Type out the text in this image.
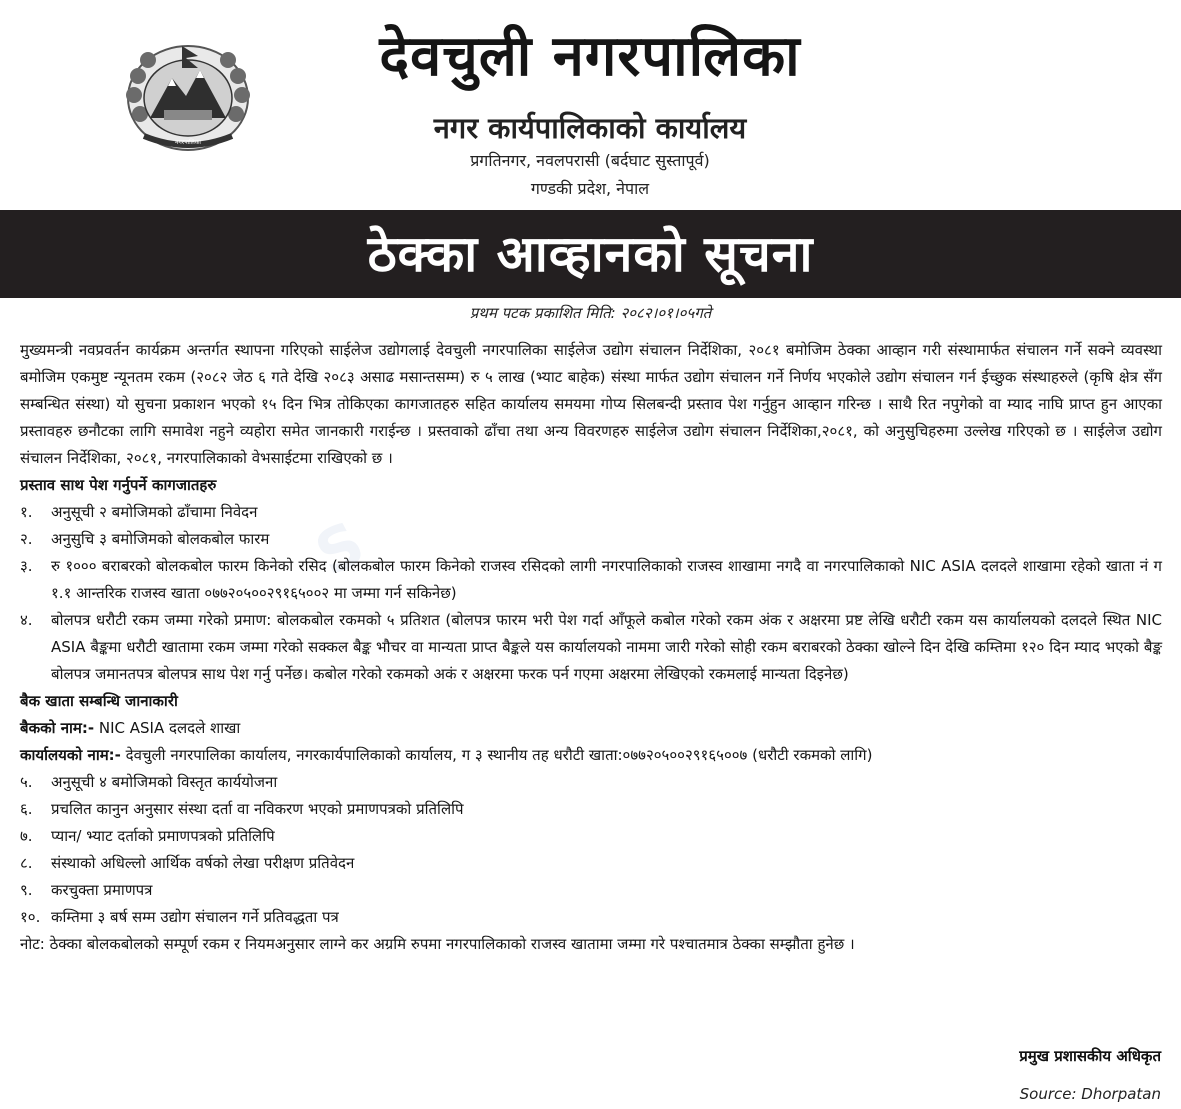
S
नगरपालिका
देवचुली नगरपालिका
नगर कार्यपालिकाको कार्यालय
प्रगतिनगर, नवलपरासी (बर्दघाट सुस्तापूर्व)
गण्डकी प्रदेश, नेपाल
ठेक्का आव्हानको सूचना
प्रथम पटक प्रकाशित मिति: २०८२।०१।०५गते

मुख्यमन्त्री नवप्रवर्तन कार्यक्रम अन्तर्गत स्थापना गरिएको साईलेज उद्योगलाई देवचुली नगरपालिका साईलेज उद्योग संचालन निर्देशिका, २०८१ बमोजिम ठेक्का आव्हान गरी संस्थामार्फत संचालन गर्ने सक्ने व्यवस्था बमोजिम एकमुष्ट न्यूनतम रकम (२०८२ जेठ ६ गते देखि २०८३ असाढ मसान्तसम्म) रु ५ लाख (भ्याट बाहेक) संस्था मार्फत उद्योग संचालन गर्ने निर्णय भएकोले उद्योग संचालन गर्न ईच्छुक संस्थाहरुले (कृषि क्षेत्र सँग सम्बन्धित संस्था) यो सुचना प्रकाशन भएको १५ दिन भित्र तोकिएका कागजातहरु सहित कार्यालय समयमा गोप्य सिलबन्दी प्रस्ताव पेश गर्नुहुन आव्हान गरिन्छ । साथै रित नपुगेको वा म्याद नाघि प्राप्त हुन आएका प्रस्तावहरु छनौटका लागि समावेश नहुने व्यहोरा समेत जानकारी गराईन्छ । प्रस्तवाको ढाँचा तथा अन्य विवरणहरु साईलेज उद्योग संचालन निर्देशिका,२०८१, को अनुसुचिहरुमा उल्लेख गरिएको छ । साईलेज उद्योग संचालन निर्देशिका, २०८१, नगरपालिकाको वेभसाईटमा राखिएको छ ।

प्रस्ताव साथ पेश गर्नुपर्ने कागजातहरु

१.	अनुसूची २ बमोजिमको ढाँचामा निवेदन
२.	अनुसुचि ३ बमोजिमको बोलकबोल फारम
३.	रु १००० बराबरको बोलकबोल फारम किनेको रसिद (बोलकबोल फारम किनेको राजस्व रसिदको लागी नगरपालिकाको राजस्व शाखामा नगदै वा नगरपालिकाको NIC ASIA दलदले शाखामा रहेको खाता नं ग १.१ आन्तरिक राजस्व खाता ०७७२०५००२९१६५००२ मा जम्मा गर्न सकिनेछ)
४.	बोलपत्र धरौटी रकम जम्मा गरेको प्रमाण: बोलकबोल रकमको ५ प्रतिशत (बोलपत्र फारम भरी पेश गर्दा आँफूले कबोल गरेको रकम अंक र अक्षरमा प्रष्ट लेखि धरौटी रकम यस कार्यालयको दलदले स्थित NIC ASIA बैङ्कमा धरौटी खातामा रकम जम्मा गरेको सक्कल बैङ्क भौचर वा मान्यता प्राप्त बैङ्कले यस कार्यालयको नाममा जारी गरेको सोही रकम बराबरको ठेक्का खोल्ने दिन देखि कम्तिमा १२० दिन म्याद भएको बैङ्क बोलपत्र जमानतपत्र बोलपत्र साथ पेश गर्नु पर्नेछ। कबोल गरेको रकमको अकं र अक्षरमा फरक पर्न गएमा अक्षरमा लेखिएको रकमलाई मान्यता दिइनेछ)

बैक खाता सम्बन्धि जानाकारी

बैकको नाम:- NIC ASIA दलदले शाखा

कार्यालयको नाम:- देवचुली नगरपालिका कार्यालय, नगरकार्यपालिकाको कार्यालय, ग ३ स्थानीय तह धरौटी खाता:०७७२०५००२९१६५००७ (धरौटी रकमको लागि)

५.	अनुसूची ४ बमोजिमको विस्तृत कार्ययोजना
६.	प्रचलित कानुन अनुसार संस्था दर्ता वा नविकरण भएको प्रमाणपत्रको प्रतिलिपि
७.	प्यान/ भ्याट दर्ताको प्रमाणपत्रको प्रतिलिपि
८.	संस्थाको अधिल्लो आर्थिक वर्षको लेखा परीक्षण प्रतिवेदन
९.	करचुक्ता प्रमाणपत्र
१०. कम्तिमा ३ बर्ष सम्म उद्योग संचालन गर्ने प्रतिवद्धता पत्र

नोट: ठेक्का बोलकबोलको सम्पूर्ण रकम र नियमअनुसार लाग्ने कर अग्रमि रुपमा नगरपालिकाको राजस्व खातामा जम्मा गरे पश्चातमात्र ठेक्का सम्झौता हुनेछ ।

प्रमुख प्रशासकीय अधिकृत
Source: Dhorpatan
